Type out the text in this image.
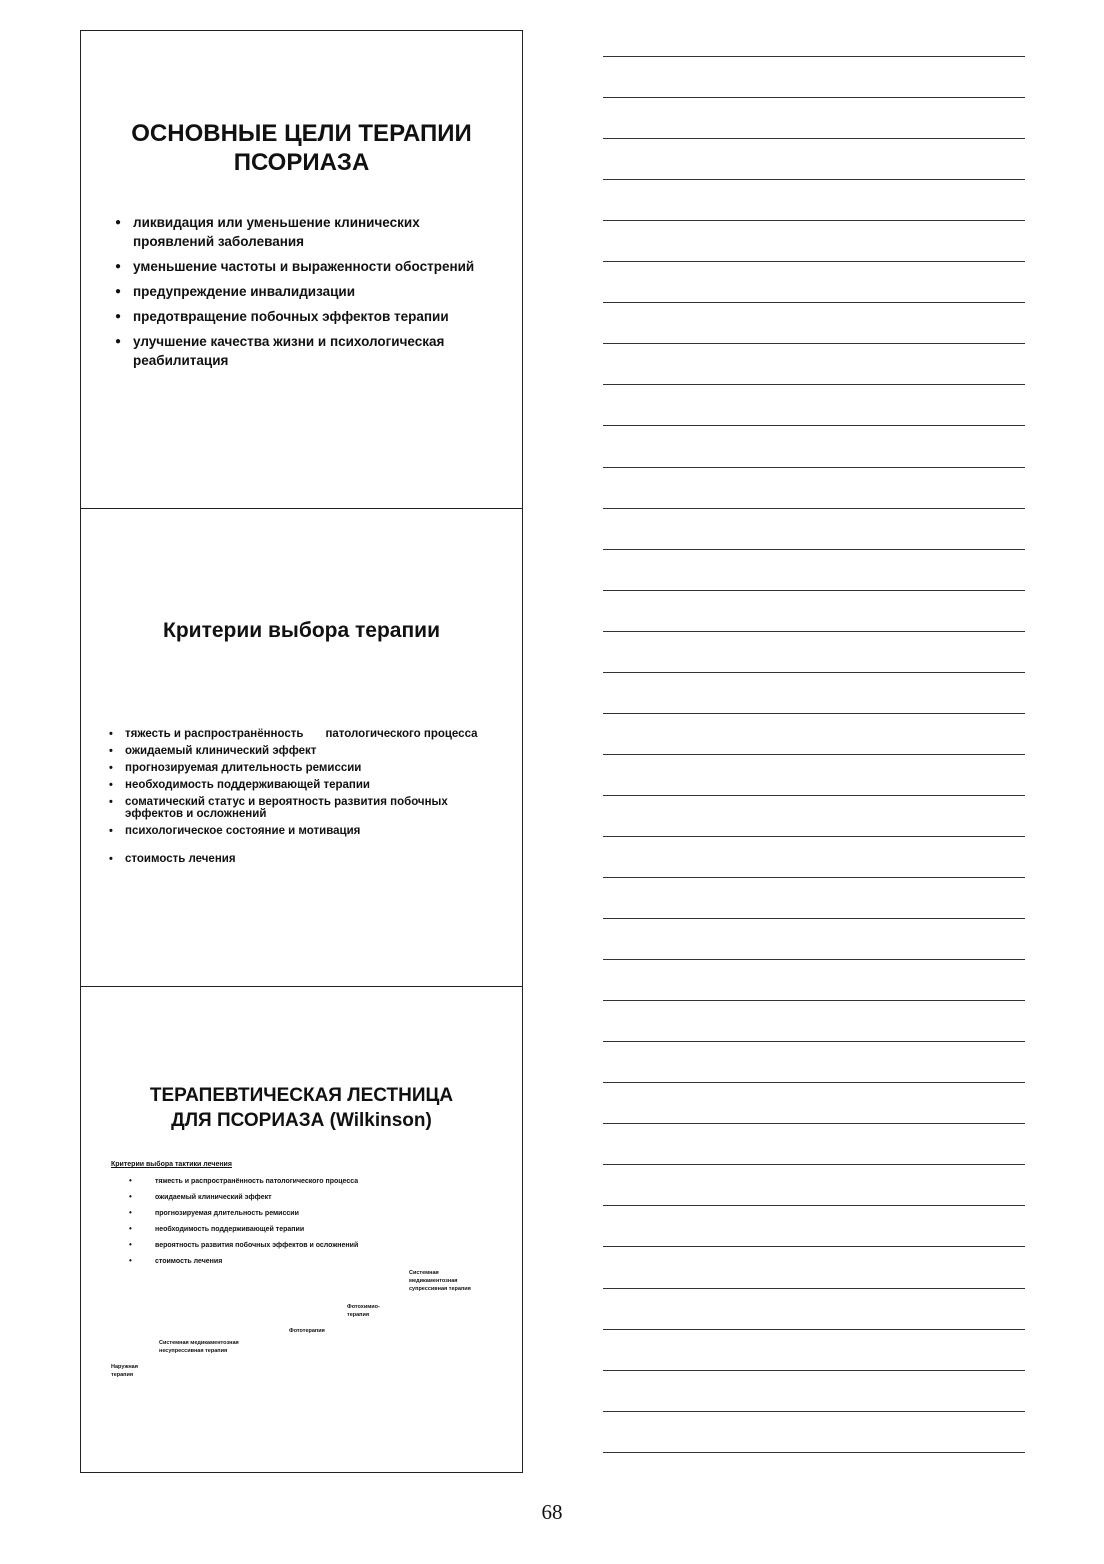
ОСНОВНЫЕ ЦЕЛИ ТЕРАПИИ
ПСОРИАЗА
● ликвидация или уменьшение клинических проявлений заболевания
● уменьшение частоты и выраженности обострений
● предупреждение инвалидизации
● предотвращение побочных эффектов терапии
● улучшение качества жизни и психологическая реабилитация
Критерии выбора терапии
• тяжесть и распространённость патологического процесса
• ожидаемый клинический эффект
• прогнозируемая длительность ремиссии
• необходимость поддерживающей терапии
• соматический статус и вероятность развития побочных эффектов и осложнений
• психологическое состояние и мотивация
• стоимость лечения
ТЕРАПЕВТИЧЕСКАЯ ЛЕСТНИЦА
ДЛЯ ПСОРИАЗА (Wilkinson)
Критерии выбора тактики лечения
• тяжесть и распространённость патологического процесса
• ожидаемый клинический эффект
• прогнозируемая длительность ремиссии
• необходимость поддерживающей терапии
• вероятность развития побочных эффектов и осложнений
• стоимость лечения
Наружная
терапия
Системная медикаментозная
несупрессивная терапия
Фототерапия
Фотохимио-
терапия
Системная
медикаментозная
супрессивная терапия
68
